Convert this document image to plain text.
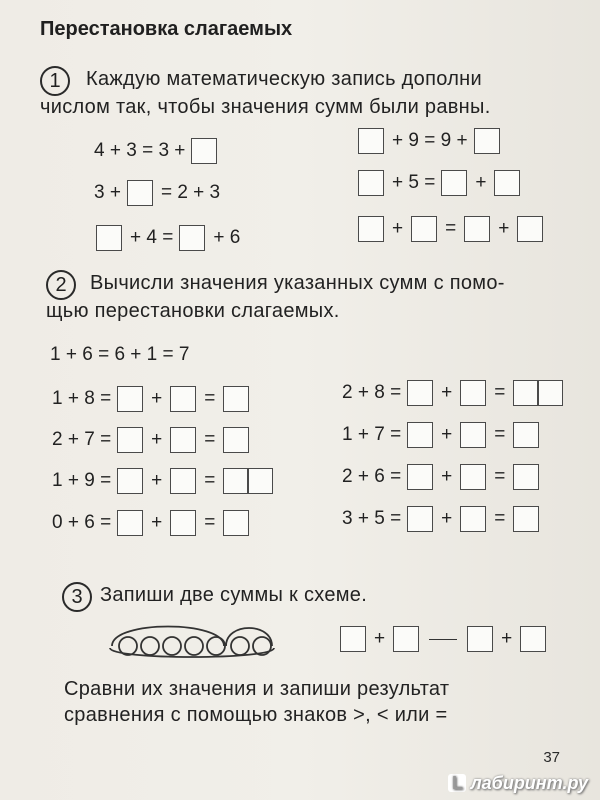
Перестановка слагаемых
1	Каждую математическую запись дополни
числом так, чтобы значения сумм были равны.
4 + 3 = 3 +
3 + = 2 + 3
+ 4 = + 6
+ 9 = 9 +
+ 5 = +
+ = +
2	Вычисли значения указанных сумм с помо-
щью перестановки слагаемых.
1 + 6 = 6 + 1 = 7
1 + 8 = + =
2 + 7 = + =
1 + 9 = + =
0 + 6 = + =
2 + 8 = + =
1 + 7 = + =
2 + 6 = + =
3 + 5 = + =
3 Запиши две суммы к схеме.
+	+
Сравни их значения и запиши результат
сравнения с помощью знаков >, < или =
37
L лабиринт.ру
